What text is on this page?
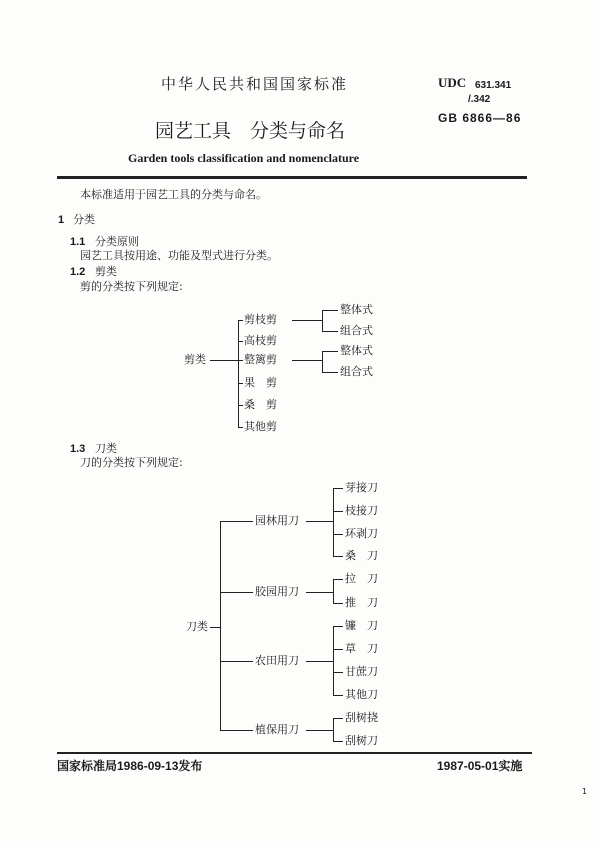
中华人民共和国国家标准	UDC 631.341
/.342
GB 6866—86
园艺工具　分类与命名
Garden tools classification and nomenclature
本标准适用于园艺工具的分类与命名。
1 分类
1.1 分类原则
园艺工具按用途、功能及型式进行分类。
1.2 剪类
剪的分类按下列规定:
剪类
剪枝剪
高枝剪
整篱剪
果　剪
桑　剪
其他剪
整体式
组合式
整体式
组合式
1.3 刀类
刀的分类按下列规定:
刀类
园林用刀
胶园用刀
农田用刀
植保用刀
芽接刀
枝接刀
环剥刀
桑　刀
拉　刀
推　刀
镰　刀
草　刀
甘蔗刀
其他刀
刮树挠
刮树刀
国家标准局1986-09-13发布	1987-05-01实施
1
